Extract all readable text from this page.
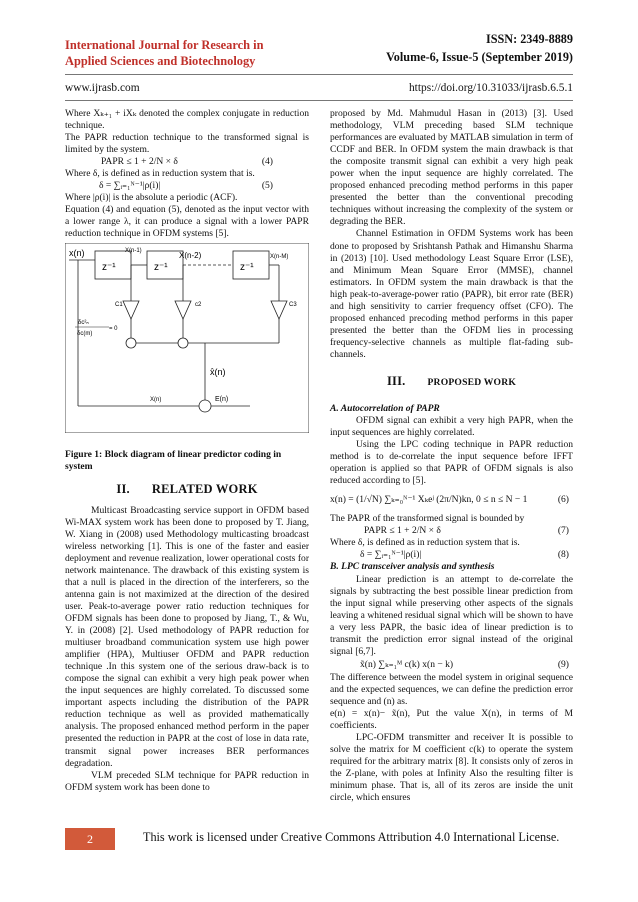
International Journal for Research in
Applied Sciences and Biotechnology
ISSN: 2349-8889
Volume-6, Issue-5 (September 2019)
www.ijrasb.com	https://doi.org/10.31033/ijrasb.6.5.1

Where Xₖ₊₁ + iXₖ denoted the complex conjugate in reduction technique.

The PAPR reduction technique to the transformed signal is limited by the system.

PAPR ≤ 1 + 2/N × δ	(4)

Where δ, is defined as in reduction system that is.

δ = ∑ᵢ₌₁ᴺ⁻¹|ρ(i)|	(5)

Where |ρ(i)| is the absolute a periodic (ACF).

Equation (4) and equation (5), denoted as the input vector with a lower range λ, it can produce a signal with a lower PAPR reduction technique in OFDM systems [5].

x(n)
z⁻¹
X(n-1)
z⁻¹
X(n-2)
z⁻¹
X(n-M)
C1	c2	C3
δc²ₙ
δc(m)
= 0
x̂(n)
X(n)	E(n)

Figure 1: Block diagram of linear predictor coding in system

II. RELATED WORK

Multicast Broadcasting service support in OFDM based Wi-MAX system work has been done to proposed by T. Jiang, W. Xiang in (2008) used Methodology multicasting broadcast wireless networking [1]. This is one of the faster and easier deployment and revenue realization, lower operational costs for network maintenance. The drawback of this existing system is that a null is placed in the direction of the interferers, so the antenna gain is not maximized at the direction of the desired user. Peak-to-average power ratio reduction techniques for OFDM signals has been done to proposed by Jiang, T., & Wu, Y. in (2008) [2]. Used methodology of PAPR reduction for multiuser broadband communication system use high power amplifier (HPA), Multiuser OFDM and PAPR reduction technique .In this system one of the serious draw-back is to compose the signal can exhibit a very high peak power when the input sequences are highly correlated. To discussed some important aspects including the distribution of the PAPR reduction technique as well as provided mathematically analysis. The proposed enhanced method perform in the paper presented the reduction in PAPR at the cost of lose in data rate, transmit signal power increases BER performances degradation.

VLM preceded SLM technique for PAPR reduction in OFDM system work has been done to

proposed by Md. Mahmudul Hasan in (2013) [3]. Used methodology, VLM preceding based SLM technique performances are evaluated by MATLAB simulation in term of CCDF and BER. In OFDM system the main drawback is that the composite transmit signal can exhibit a very high peak power when the input sequence are highly correlated. The proposed enhanced precoding method performs in this paper presented the better than the conventional precoding techniques without increasing the complexity of the system or degrading the BER.

Channel Estimation in OFDM Systems work has been done to proposed by Srishtansh Pathak and Himanshu Sharma in (2013) [10]. Used methodology Least Square Error (LSE), and Minimum Mean Square Error (MMSE), channel estimators. In OFDM system the main drawback is that the high peak-to-average-power ratio (PAPR), bit error rate (BER) and high sensitivity to carrier frequency offset (CFO). The proposed enhanced precoding method performs in this paper presented the better than the OFDM lies in processing frequency-selective channels as multiple flat-fading sub-channels.

III. PROPOSED WORK

A. Autocorrelation of PAPR

OFDM signal can exhibit a very high PAPR, when the input sequences are highly correlated.

Using the LPC coding technique in PAPR reduction method is to de-correlate the input sequence before IFFT operation is applied so that PAPR of OFDM signals is also reduced according to [5].

x(n) = (1/√N) ∑ₖ₌₀ᴺ⁻¹ Xₖeʲ (2π/N)kn, 0 ≤ n ≤ N − 1	(6)

The PAPR of the transformed signal is bounded by

PAPR ≤ 1 + 2/N × δ	(7)

Where δ, is defined as in reduction system that is.

δ = ∑ᵢ₌₁ᴺ⁻¹|ρ(i)|	(8)

B. LPC transceiver analysis and synthesis

Linear prediction is an attempt to de-correlate the signals by subtracting the best possible linear prediction from the input signal while preserving other aspects of the signals leaving a whitened residual signal which will be shown to have a very less PAPR, the basic idea of linear prediction is to transmit the prediction error signal instead of the original signal [6,7].

x̃(n) ∑ₖ₌₁ᴹ c(k) x(n − k)	(9)

The difference between the model system in original sequence and the expected sequences, we can define the prediction error sequence and (n) as.

e(n) = x(n)− x̃(n), Put the value X(n), in terms of M coefficients.

LPC-OFDM transmitter and receiver It is possible to solve the matrix for M coefficient c(k) to operate the system required for the arbitrary matrix [8]. It consists only of zeros in the Z-plane, with poles at Infinity Also the resulting filter is minimum phase. That is, all of its zeros are inside the unit circle, which ensures

2	This work is licensed under Creative Commons Attribution 4.0 International License.
